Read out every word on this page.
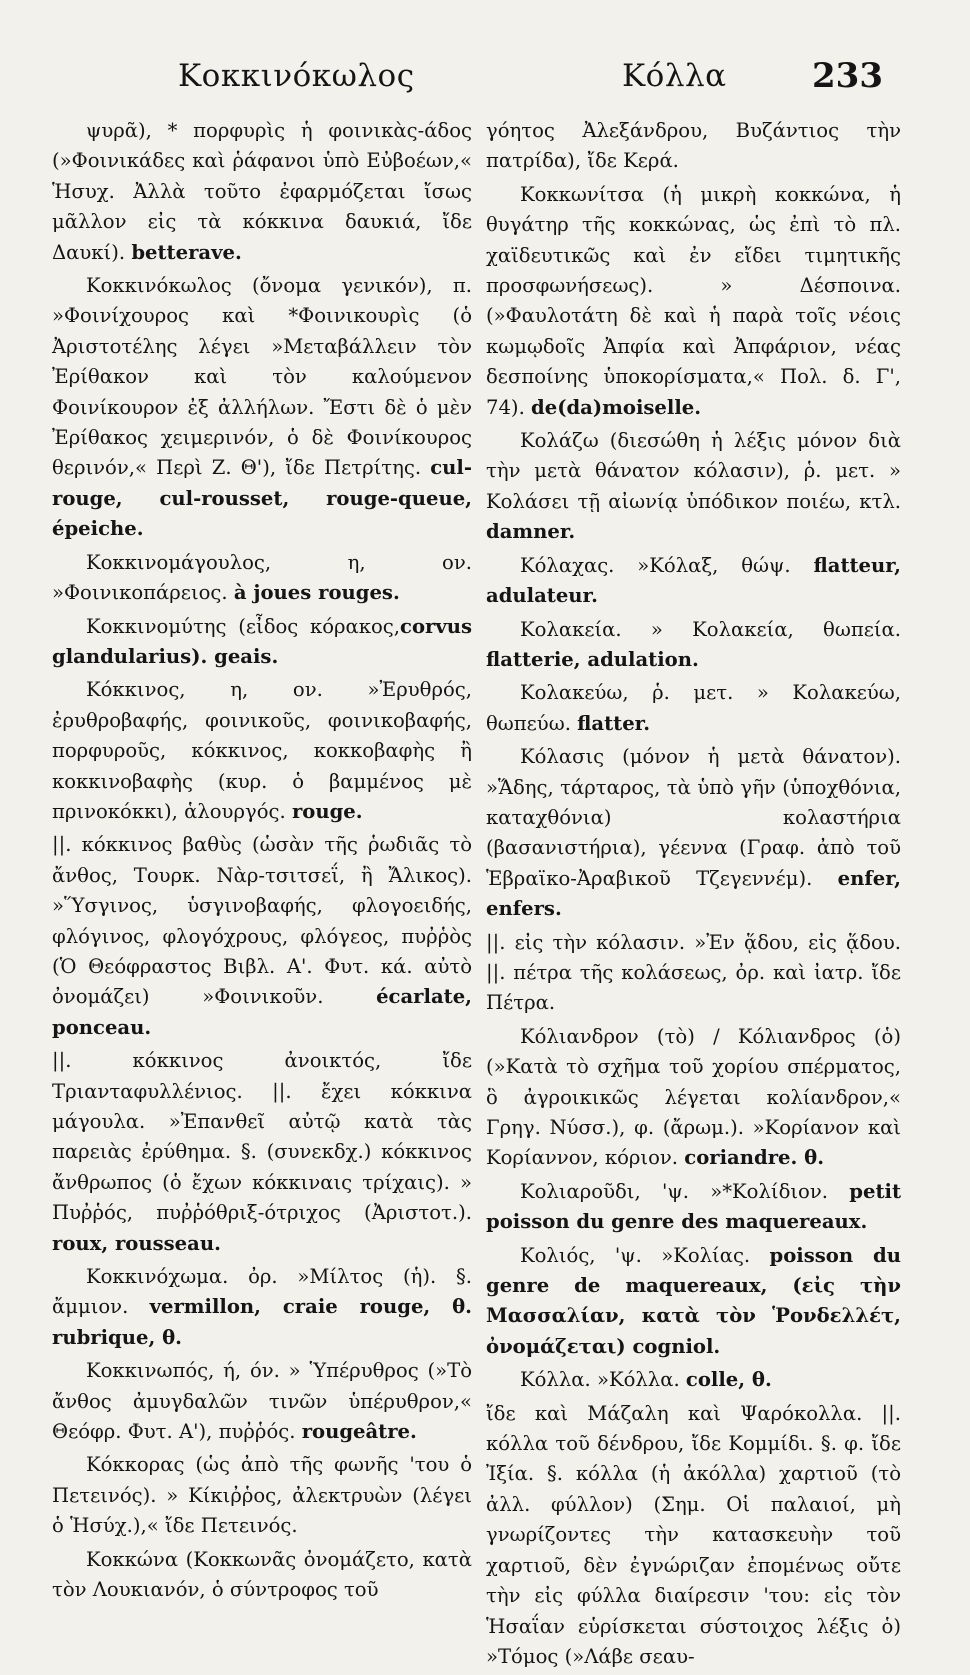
Κοκκινόκωλος	Κόλλα	233

ψυρᾶ), * πορφυρὶς ἡ φοινικὰς-άδος (»Φοινικάδες καὶ ῥάφανοι ὑπὸ Εὐβοέων,« Ἡσυχ. Ἀλλὰ τοῦτο ἐφαρμόζεται ἴσως μᾶλλον εἰς τὰ κόκκινα δαυκιά, ἴδε Δαυκί). betterave.

Κοκκινόκωλος (ὄνομα γενικόν), π. »Φοινίχουρος καὶ *Φοινικουρὶς (ὁ Ἀριστοτέλης λέγει »Μεταβάλλειν τὸν Ἐρίθακον καὶ τὸν καλούμενον Φοινίκουρον ἐξ ἀλλήλων. Ἔστι δὲ ὁ μὲν Ἐρίθακος χειμερινόν, ὁ δὲ Φοινίκουρος θερινόν,« Περὶ Ζ. Θ'), ἴδε Πετρίτης. cul-rouge, cul-rousset, rouge-queue, épeiche.

Κοκκινομάγουλος, η, ον. »Φοινικοπάρειος. à joues rouges.

Κοκκινομύτης (εἶδος κόρακος,corvus glandularius). geais.

Κόκκινος, η, ον. »Ἐρυθρός, ἐρυθροβαφής, φοινικοῦς, φοινικοβαφής, πορφυροῦς, κόκκινος, κοκκοβαφὴς ἢ κοκκινοβαφὴς (κυρ. ὁ βαμμένος μὲ πρινοκόκκι), ἁλουργός. rouge.

||. κόκκινος βαθὺς (ὡσὰν τῆς ῥωδιᾶς τὸ ἄνθος, Τουρκ. Νὰρ-τσιτσεΐ, ἢ Ἄλικος). »Ὕσγινος, ὑσγινοβαφής, φλογοειδής, φλόγινος, φλογόχρους, φλόγεος, πυῤῥὸς (Ὁ Θεόφραστος Βιβλ. Α'. Φυτ. κά. αὐτὸ ὀνομάζει) »Φοινικοῦν.	écarlate, ponceau.

||. κόκκινος ἀνοικτός, ἴδε Τριανταφυλλένιος. ||. ἔχει κόκκινα μάγουλα. »Ἐπανθεῖ αὐτῷ κατὰ τὰς παρειὰς ἐρύθημα. §. (συνεκδχ.) κόκκινος ἄνθρωπος (ὁ ἔχων κόκκιναις τρίχαις). » Πυῤῥός, πυῤῥόθριξ-ότριχος (Ἀριστοτ.). roux, rousseau.

Κοκκινόχωμα. ὀρ. »Μίλτος (ἡ). §. ἄμμιον. vermillon, craie rouge, θ. rubrique, θ.

Κοκκινωπός, ή, όν. » Ὑπέρυθρος (»Τὸ ἄνθος ἀμυγδαλῶν τινῶν ὑπέρυθρον,« Θεόφρ. Φυτ. Α'), πυῤῥός. rougeâtre.

Κόκκορας (ὡς ἀπὸ τῆς φωνῆς 'του ὁ Πετεινός). » Κίκιῤῥος, ἀλεκτρυὼν (λέγει ὁ Ἡσύχ.),« ἴδε Πετεινός.

Κοκκώνα (Κοκκωνᾶς ὀνομάζετο, κατὰ τὸν Λουκιανόν, ὁ σύντροφος τοῦ

γόητος Ἀλεξάνδρου, Βυζάντιος τὴν πατρίδα), ἴδε Κερά.

Κοκκωνίτσα (ἡ μικρὴ κοκκώνα, ἡ θυγάτηρ τῆς κοκκώνας, ὡς ἐπὶ τὸ πλ. χαϊδευτικῶς καὶ ἐν εἴδει τιμητικῆς προσφωνήσεως). » Δέσποινα. (»Φαυλοτάτη δὲ καὶ ἡ παρὰ τοῖς νέοις κωμῳδοῖς Ἀπφία καὶ Ἀπφάριον, νέας δεσποίνης ὑποκορίσματα,« Πολ. δ. Γ', 74). de(da)moiselle.

Κολάζω (διεσώθη ἡ λέξις μόνον διὰ τὴν μετὰ θάνατον κόλασιν), ῥ. μετ. » Κολάσει τῇ αἰωνίᾳ ὑπόδικον ποιέω, κτλ. damner.

Κόλαχας. »Κόλαξ, θώψ. flatteur, adulateur.

Κολακεία. » Κολακεία, θωπεία. flatterie, adulation.

Κολακεύω, ῥ. μετ. » Κολακεύω, θωπεύω. flatter.

Κόλασις (μόνον ἡ μετὰ θάνατον). »Ἅδης, τάρταρος, τὰ ὑπὸ γῆν (ὑποχθόνια, καταχθόνια) κολαστήρια (βασανιστήρια), γέεννα (Γραφ. ἀπὸ τοῦ Ἑβραϊκο-Ἀραβικοῦ Τζεγεννέμ). enfer, enfers.

||. εἰς τὴν κόλασιν. »Ἐν ᾅδου, εἰς ᾅδου. ||. πέτρα τῆς κολάσεως, ὀρ. καὶ ἰατρ. ἴδε Πέτρα.

Κόλιανδρον (τὸ) / Κόλιανδρος (ὁ) (»Κατὰ τὸ σχῆμα τοῦ χορίου σπέρματος, ὃ ἀγροικικῶς λέγεται κολίανδρον,« Γρηγ. Νύσσ.), φ. (ἄρωμ.). »Κορίανον καὶ Κορίαννον, κόριον. coriandre. θ.

Κολιαροῦδι, 'ψ. »*Κολίδιον. petit poisson du genre des maquereaux.

Κολιός, 'ψ. »Κολίας. poisson du genre de maquereaux, (εἰς τὴν Μασσαλίαν, κατὰ τὸν Ῥονδελλέτ, ὀνομάζεται) cogniol.

Κόλλα. »Κόλλα. colle, θ.

ἴδε καὶ Μάζαλη καὶ Ψαρόκολλα. ||. κόλλα τοῦ δένδρου, ἴδε Κομμίδι. §. φ. ἴδε Ἰξία. §. κόλλα (ἡ ἀκόλλα) χαρτιοῦ (τὸ ἀλλ. φύλλον) (Σημ. Οἱ παλαιοί, μὴ γνωρίζοντες τὴν κατασκευὴν τοῦ χαρτιοῦ, δὲν ἐγνώριζαν ἐπομένως οὔτε τὴν εἰς φύλλα διαίρεσιν 'του: εἰς τὸν Ἡσαΐαν εὑρίσκεται σύστοιχος λέξις ὁ) »Τόμος (»Λάβε σεαυ-
